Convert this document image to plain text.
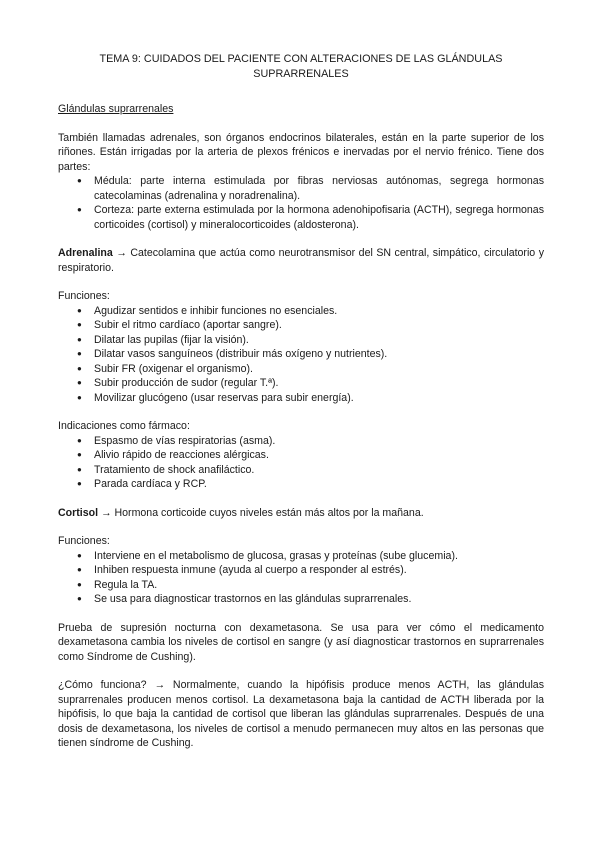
TEMA 9: CUIDADOS DEL PACIENTE CON ALTERACIONES DE LAS GLÁNDULAS
SUPRARRENALES
Glándulas suprarrenales

También llamadas adrenales, son órganos endocrinos bilaterales, están en la parte superior de los riñones. Están irrigadas por la arteria de plexos frénicos e inervadas por el nervio frénico. Tiene dos partes:

● Médula: parte interna estimulada por fibras nerviosas autónomas, segrega hormonas catecolaminas (adrenalina y noradrenalina).
● Corteza: parte externa estimulada por la hormona adenohipofisaria (ACTH), segrega hormonas corticoides (cortisol) y mineralocorticoides (aldosterona).

Adrenalina → Catecolamina que actúa como neurotransmisor del SN central, simpático, circulatorio y respiratorio.

Funciones:

● Agudizar sentidos e inhibir funciones no esenciales.
● Subir el ritmo cardíaco (aportar sangre).
● Dilatar las pupilas (fijar la visión).
● Dilatar vasos sanguíneos (distribuir más oxígeno y nutrientes).
● Subir FR (oxigenar el organismo).
● Subir producción de sudor (regular T.ª).
● Movilizar glucógeno (usar reservas para subir energía).

Indicaciones como fármaco:

● Espasmo de vías respiratorias (asma).
● Alivio rápido de reacciones alérgicas.
● Tratamiento de shock anafiláctico.
● Parada cardíaca y RCP.

Cortisol → Hormona corticoide cuyos niveles están más altos por la mañana.

Funciones:

● Interviene en el metabolismo de glucosa, grasas y proteínas (sube glucemia).
● Inhiben respuesta inmune (ayuda al cuerpo a responder al estrés).
● Regula la TA.
● Se usa para diagnosticar trastornos en las glándulas suprarrenales.

Prueba de supresión nocturna con dexametasona. Se usa para ver cómo el medicamento dexametasona cambia los niveles de cortisol en sangre (y así diagnosticar trastornos en suprarrenales como Síndrome de Cushing).

¿Cómo funciona? → Normalmente, cuando la hipófisis produce menos ACTH, las glándulas suprarrenales producen menos cortisol. La dexametasona baja la cantidad de ACTH liberada por la hipófisis, lo que baja la cantidad de cortisol que liberan las glándulas suprarrenales. Después de una dosis de dexametasona, los niveles de cortisol a menudo permanecen muy altos en las personas que tienen síndrome de Cushing.
